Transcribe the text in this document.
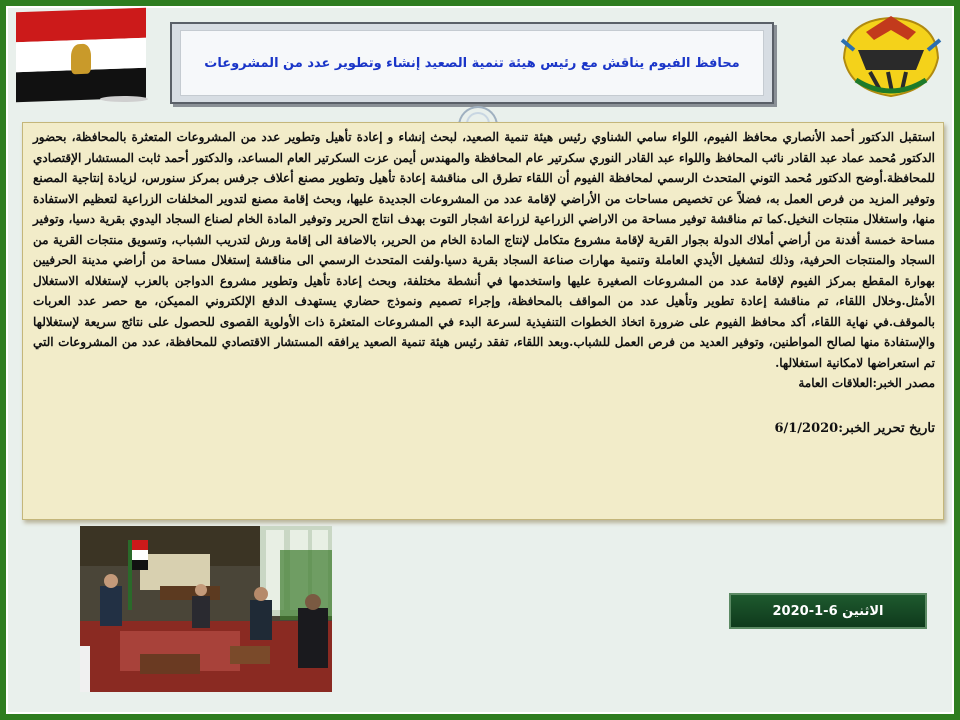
محافظ الفيوم يناقش مع رئيس هيئة تنمية الصعيد إنشاء وتطوير عدد من المشروعات

استقبل الدكتور أحمد الأنصاري محافظ الفيوم، اللواء سامي الشناوي رئيس هيئة تنمية الصعيد، لبحث إنشاء و إعادة تأهيل وتطوير عدد من المشروعات المتعثرة بالمحافظة، بحضور الدكتور مُحمد عماد عبد القادر نائب المحافظ واللواء عبد القادر النوري سكرتير عام المحافظة والمهندس أيمن عزت السكرتير العام المساعد، والدكتور أحمد ثابت المستشار الإقتصادي للمحافظة.أوضح الدكتور مُحمد التوني المتحدث الرسمي لمحافظة الفيوم أن اللقاء تطرق الى مناقشة إعادة تأهيل وتطوير مصنع أعلاف جرفس بمركز سنورس، لزيادة إنتاجية المصنع وتوفير المزيد من فرص العمل به، فضلاً عن تخصيص مساحات من الأراضي لإقامة عدد من المشروعات الجديدة عليها، وبحث إقامة مصنع لتدوير المخلفات الزراعية لتعظيم الاستفادة منها، واستغلال منتجات النخيل.كما تم مناقشة توفير مساحة من الاراضي الزراعية لزراعة اشجار التوت بهدف انتاج الحرير وتوفير المادة الخام لصناع السجاد اليدوي بقرية دسيا، وتوفير مساحة خمسة أفدنة من أراضي أملاك الدولة بجوار القرية لإقامة مشروع متكامل لإنتاج المادة الخام من الحرير، بالاضافة الى إقامة ورش لتدريب الشباب، وتسويق منتجات القرية من السجاد والمنتجات الحرفية، وذلك لتشغيل الأيدي العاملة وتنمية مهارات صناعة السجاد بقرية دسيا.ولفت المتحدث الرسمي الى مناقشة إستغلال مساحة من أراضي مدينة الحرفيين بهوارة المقطع بمركز الفيوم لإقامة عدد من المشروعات الصغيرة عليها واستخدمها في أنشطة مختلفة، وبحث إعادة تأهيل وتطوير مشروع الدواجن بالعزب لإستغلاله الاستغلال الأمثل.وخلال اللقاء، تم مناقشة إعادة تطوير وتأهيل عدد من المواقف بالمحافظة، وإجراء تصميم ونموذج حضاري يستهدف الدفع الإلكتروني المميكن، مع حصر عدد العربات بالموقف.في نهاية اللقاء، أكد محافظ الفيوم على ضرورة اتخاذ الخطوات التنفيذية لسرعة البدء في المشروعات المتعثرة ذات الأولوية القصوى للحصول على نتائج سريعة لإستغلالها والإستفادة منها لصالح المواطنين، وتوفير العديد من فرص العمل للشباب.وبعد اللقاء، تفقد رئيس هيئة تنمية الصعيد يرافقه المستشار الاقتصادي للمحافظة، عدد من المشروعات التي تم استعراضها لامكانية استغلالها.

مصدر الخبر:العلاقات العامة

تاريخ تحرير الخبر:6/1/2020
الاثنين 6-1-2020
